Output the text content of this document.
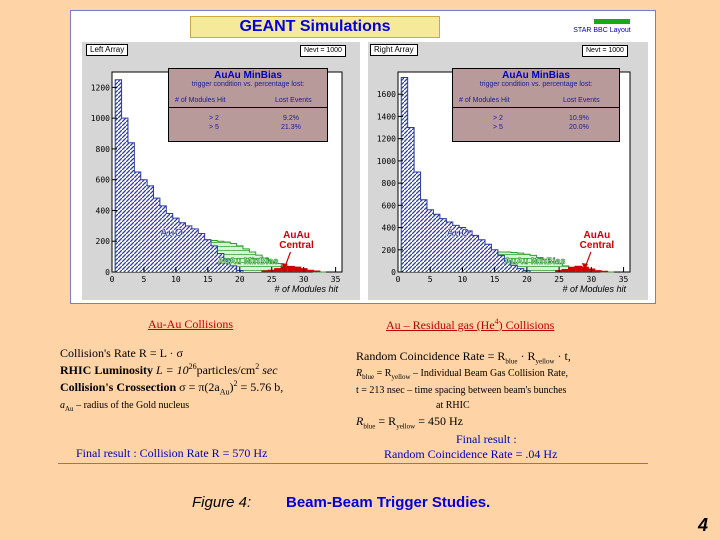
GEANT Simulations	STAR BBC Layout
Left Array	Nevt = 1000
0	5	10	15	20	25	30	35
0
200
400
600
800
1000
1200
# of Modules hit
AuO
AuAu MinBias
AuAu
Central
AuAu MinBias
trigger condition vs. percentage lost:
# of Modules Hit	Lost Events
> 2	9.2%
> 5	21.3%
Right Array	Nevt = 1000
0	5	10	15	20	25	30	35
0
200
400
600
800
1000
1200
1400
1600
# of Modules hit
AuO
AuAu MinBias
AuAu
Central
AuAu MinBias
trigger condition vs. percentage lost:
# of Modules Hit	Lost Events
> 2	10.9%
> 5	20.0%
Au-Au Collisions
Collision's Rate R = L · σ
RHIC Luminosity $L = 10^{26}particles/cm^2$ sec
Collision's Crossection $\sigma = \pi(2a_{Au})^2 = 5.76$ b,
$a_{Au}$ – radius of the Gold nucleus
Final result : Collision Rate R = 570 Hz
Au – Residual gas (He$^4$) Collisions
Random Coincidence Rate = $R_{blue} \cdot R_{yellow} \cdot t$,
$R_{blue} = R_{yellow}$ – Individual Beam Gas Collision Rate,
t = 213 nsec – time spacing between beam's bunches
at RHIC
$R_{blue} = R_{yellow} = 450$ Hz
Final result :
Random Coincidence Rate = .04 Hz
Figure 4: Beam-Beam Trigger Studies.
4
